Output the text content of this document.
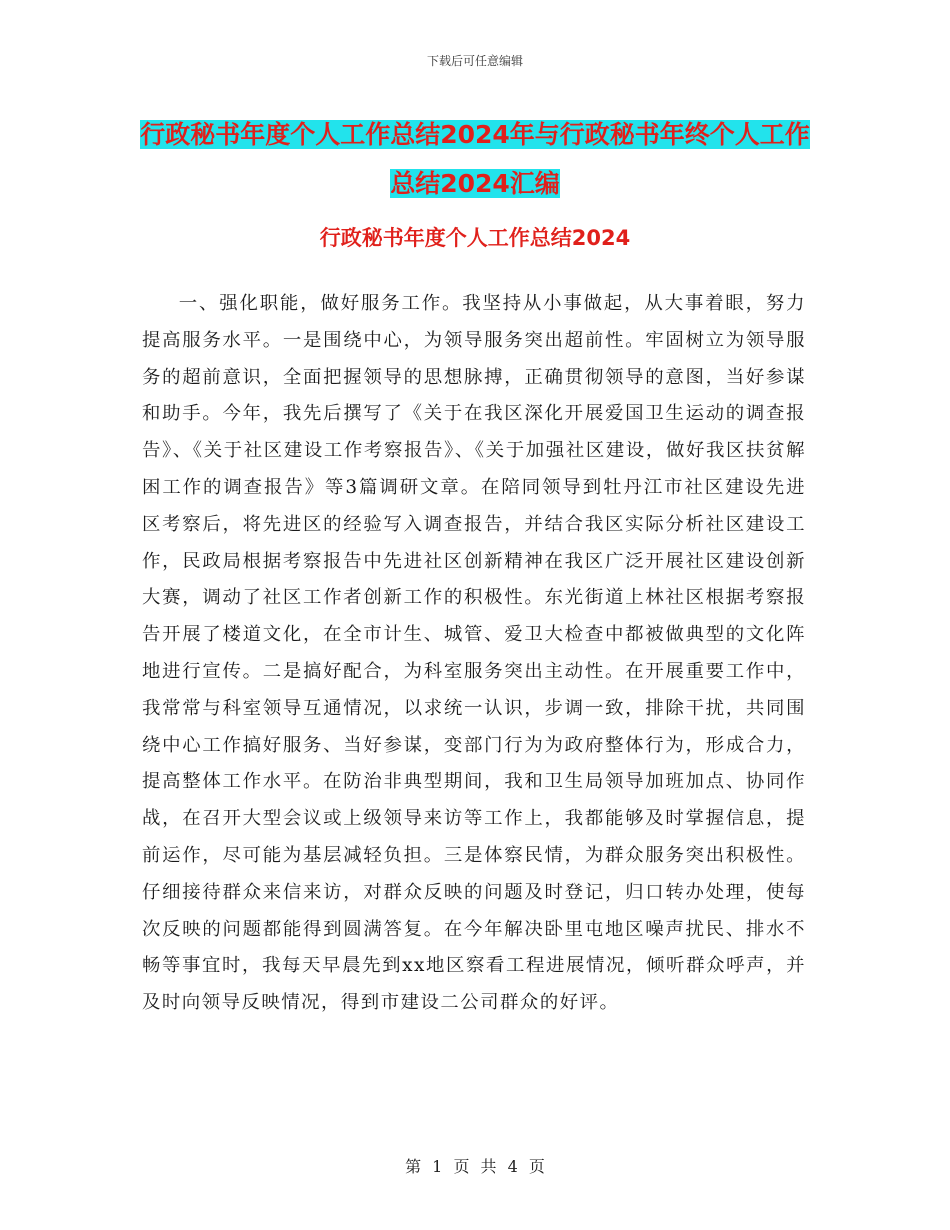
下载后可任意编辑
行政秘书年度个人工作总结2024年与行政秘书年终个人工作总结2024汇编
行政秘书年度个人工作总结2024

一、强化职能，做好服务工作。我坚持从小事做起，从大事着眼，努力提高服务水平。一是围绕中心，为领导服务突出超前性。牢固树立为领导服务的超前意识，全面把握领导的思想脉搏，正确贯彻领导的意图，当好参谋和助手。今年，我先后撰写了《关于在我区深化开展爱国卫生运动的调查报告》、《关于社区建设工作考察报告》、《关于加强社区建设，做好我区扶贫解困工作的调查报告》等3篇调研文章。在陪同领导到牡丹江市社区建设先进区考察后，将先进区的经验写入调查报告，并结合我区实际分析社区建设工作，民政局根据考察报告中先进社区创新精神在我区广泛开展社区建设创新大赛，调动了社区工作者创新工作的积极性。东光街道上林社区根据考察报告开展了楼道文化，在全市计生、城管、爱卫大检查中都被做典型的文化阵地进行宣传。二是搞好配合，为科室服务突出主动性。在开展重要工作中，我常常与科室领导互通情况，以求统一认识，步调一致，排除干扰，共同围绕中心工作搞好服务、当好参谋，变部门行为为政府整体行为，形成合力，提高整体工作水平。在防治非典型期间，我和卫生局领导加班加点、协同作战，在召开大型会议或上级领导来访等工作上，我都能够及时掌握信息，提前运作，尽可能为基层减轻负担。三是体察民情，为群众服务突出积极性。仔细接待群众来信来访，对群众反映的问题及时登记，归口转办处理，使每次反映的问题都能得到圆满答复。在今年解决卧里屯地区噪声扰民、排水不畅等事宜时，我每天早晨先到xx地区察看工程进展情况，倾听群众呼声，并及时向领导反映情况，得到市建设二公司群众的好评。

第 1 页 共 4 页
